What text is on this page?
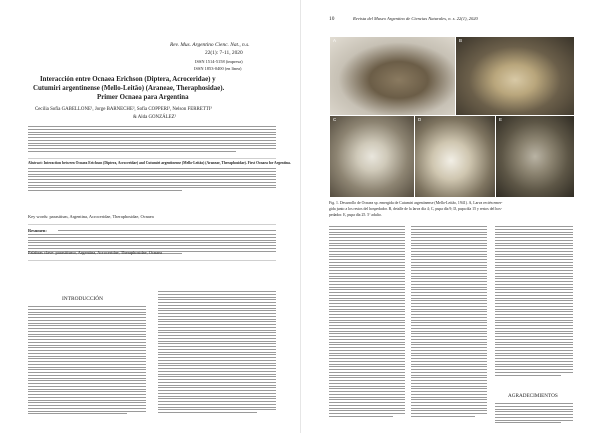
Rev. Mus. Argentino Cienc. Nat., n.s.
22(1): 7-11, 2020
ISSN 1514-5158 (impresa)
ISSN 1853-0400 (en línea)
Interacción entre Ocnaea Erichson (Diptera, Acroceridae) y
Cutumiri argentinense (Mello-Leitão) (Araneae, Theraphosidae).
Primer Ocnaea para Argentina
Cecilia Sofía GABELLONE¹, Jorge BARNECHE², Sofía COPPERI³, Nelson FERRETTI³
& Alda GONZÁLEZ¹
Abstract: Interaction between Ocnaea Erichson (Diptera, Acroceridae) and Cutumiri argentinense (Mello-Leitão) (Araneae, Theraphosidae). First Ocnaea for Argentina.
Key words: parasitism, Argentina, Acroceridae, Theraphosidae, Ocnaea
Resumen:
Palabras clave: parasitismo, Argentina, Acroceridae, Theraphosidae, Ocnaea
INTRODUCCIÓN
10	Revista del Museo Argentino de Ciencias Naturales, n. s. 22(1), 2020
A	B
C	D	E
Fig. 1. Desarrollo de Ocnaea sp. emergida de Cutumiri argentinense (Mello-Leitão, 1941). A, Larva recién emer-
gida junto a los restos del hospedador. B, detalle de la larva día 4; C, pupa día 9; D, pupa día 15 y restos del hos-
pedador. E, pupa día 25. 5º adulto.
AGRADECIMIENTOS
